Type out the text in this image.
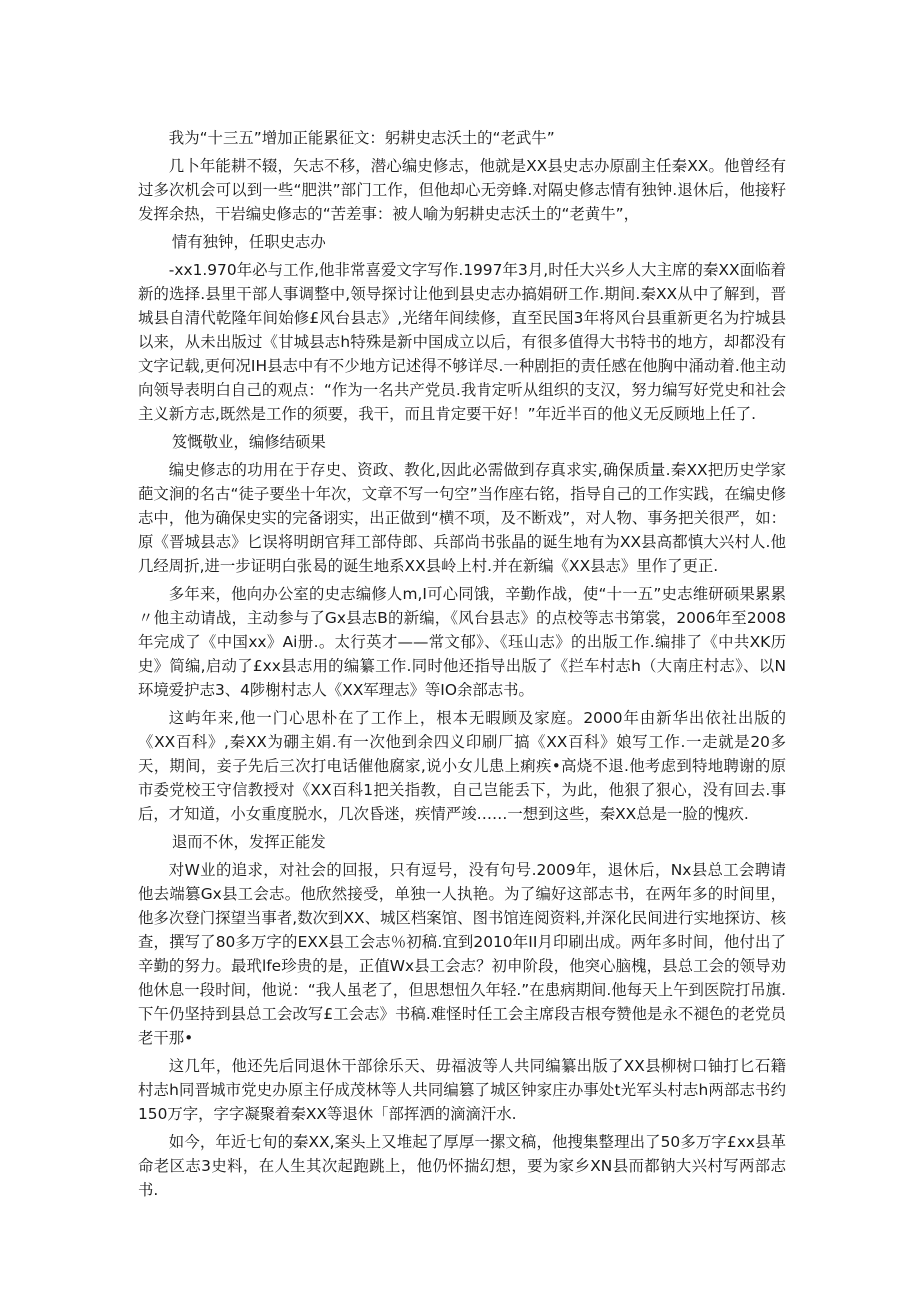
我为“十三五”增加正能累征文：躬耕史志沃土的“老武牛”

几卜年能耕不辍，矢志不移，潜心编史修志，他就是XX县史志办原副主任秦XX。他曾经有过多次机会可以到一些“肥洪”部门工作，但他却心无旁蜂.对隔史修志情有独钟.退休后，他接籽发挥余热，干岩编史修志的“苦差事：被人喻为躬耕史志沃土的“老黄牛”，

情有独钟，任职史志办

-xx1.970年必与工作,他非常喜爱文字写作.1997年3月,时任大兴乡人大主席的秦XX面临着新的选择.县里干部人事调整中,领导探讨让他到县史志办搞娟研工作.期间.秦XX从中了解到，晋城县自清代乾隆年间始修£风台县志》,光绪年间续修，直至民国3年将风台县重新更名为拧城县以来，从未出版过《甘城县志h特殊是新中国成立以后，有很多值得大书特书的地方，却都没有文字记载,更何况IH县志中有不少地方记述得不够详尽.一种剧拒的责任感在他胸中涌动着.他主动向领导表明白自己的观点：“作为一名共产党员.我肯定听从组织的支汉，努力编写好党史和社会主义新方志,既然是工作的须要，我干，而且肯定要干好！”年近半百的他义无反顾地上任了.

笈慨敬业，编修结硕果

编史修志的功用在于存史、资政、教化,因此必需做到存真求实,确保质量.秦XX把历史学家葩文涧的名古“徒子要坐十年次，文章不写一句空”当作座右铭，指导自己的工作实践，在编史修志中，他为确保史实的完备诩实，出正做到“横不项，及不断戏”，对人物、事务把关很严，如：原《晋城县志》匕误将明朗官拜工部侍郎、兵部尚书张晶的诞生地有为XX县高都慎大兴村人.他几经周折,进一步证明白张曷的诞生地系XX县岭上村.并在新编《XX县志》里作了更正.

多年来，他向办公室的史志编修人m,I可心同饿，辛勤作战，使“十一五”史志维研硕果累累〃他主动请战，主动参与了Gx县志B的新编，《风台县志》的点校等志书第裳，2006年至2008年完成了《中国xx》Ai册.。太行英才——常文郁》、《珏山志》的出版工作.编排了《中共XK历史》简编,启动了£xx县志用的编纂工作.同时他还指导出版了《拦车村志h（大南庄村志》、以N环境爱护志3、4陟榭村志人《XX军理志》等IO余部志书。

这屿年来,他一门心思朴在了工作上，根本无暇顾及家庭。2000年由新华出依社出版的《XX百科》,秦XX为硼主娟.有一次他到余四义印刷厂搞《XX百科》娘写工作.一走就是20多天，期间，妾子先后三次打电话催他腐家,说小女儿患上痢疾•高烧不退.他考虑到特地聘谢的原市委党校王守信教授对《XX百科1把关指教，自己岂能丢下，为此，他狠了狠心，没有回去.事后，才知道，小女重度脱水，几次昏迷，疾情严竣……一想到这些，秦XX总是一脸的愧疚.

退而不休，发挥正能发

对W业的追求，对社会的回报，只有逗号，没有句号.2009年，退休后，Nx县总工会聘请他去端篡Gx县工会志。他欣然接受，单独一人执艳。为了编好这部志书，在两年多的时间里，他多次登门探望当事者,数次到XX、城区档案馆、图书馆连阅资料,并深化民间进行实地探访、核查，撰写了80多万字的EXX县工会志％初稿.宜到2010年II月印刷出成。两年多时间，他付出了辛勤的努力。最玳lfe珍贵的是，正值Wx县工会志？初申阶段，他突心脑槐，县总工会的领导劝他休息一段时间，他说：“我人虽老了，但思想忸久年轻.”在患病期间.他每天上午到医院打吊旗.下午仍坚持到县总工会改写£工会志》书稿.难怪时任工会主席段吉根夸赞他是永不褪色的老党员老干那•

这几年，他还先后同退休干部徐乐天、毋福波等人共同编纂出版了XX县柳树口铀打匕石籍村志h同晋城市党史办原主仔成茂林等人共同编篡了城区钟家庄办事处t光军头村志h两部志书约150万字，字字凝聚着秦XX等退休「部挥洒的滴滴汗水.

如今，年近七旬的秦XX,案头上又堆起了厚厚一摞文稿，他搜集整理出了50多万字£xx县革命老区志3史料，在人生其次起跑跳上，他仍怀揣幻想，要为家乡XN县而都钠大兴村写两部志书.
